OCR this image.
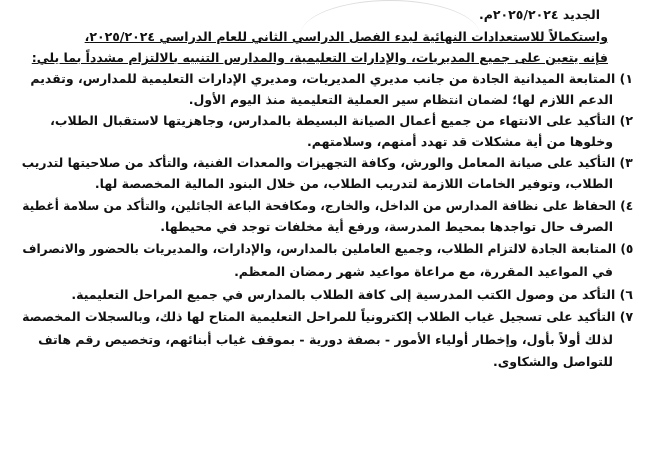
الجديد ٢٠٢٥/٢٠٢٤م.
واستكمالاً للاستعدادات النهائية لبدء الفصل الدراسي الثاني للعام الدراسي ٢٠٢٥/٢٠٢٤،
فإنه يتعين على جميع المديريات، والإدارات التعليمية، والمدارس التنبيه بالالتزام مشدداً بما يلي:
١) المتابعة الميدانية الجادة من جانب مديري المديريات، ومديري الإدارات التعليمية للمدارس، وتقديم
الدعم اللازم لها؛ لضمان انتظام سير العملية التعليمية منذ اليوم الأول.
٢) التأكيد على الانتهاء من جميع أعمال الصيانة البسيطة بالمدارس، وجاهزيتها لاستقبال الطلاب،
وخلوها من أية مشكلات قد تهدد أمنهم، وسلامتهم.
٣) التأكيد على صيانة المعامل والورش، وكافة التجهيزات والمعدات الفنية، والتأكد من صلاحيتها لتدريب
الطلاب، وتوفير الخامات اللازمة لتدريب الطلاب، من خلال البنود المالية المخصصة لها.
٤) الحفاظ على نظافة المدارس من الداخل، والخارج، ومكافحة الباعة الجائلين، والتأكد من سلامة أغطية
الصرف حال تواجدها بمحيط المدرسة، ورفع أية مخلفات توجد في محيطها.
٥) المتابعة الجادة لالتزام الطلاب، وجميع العاملين بالمدارس، والإدارات، والمديريات بالحضور والانصراف
في المواعيد المقررة، مع مراعاة مواعيد شهر رمضان المعظم.
٦) التأكد من وصول الكتب المدرسية إلى كافة الطلاب بالمدارس في جميع المراحل التعليمية.
٧) التأكيد على تسجيل غياب الطلاب إلكترونياً للمراحل التعليمية المتاح لها ذلك، وبالسجلات المخصصة
لذلك أولاً بأول، وإخطار أولياء الأمور - بصفة دورية - بموقف غياب أبنائهم، وتخصيص رقم هاتف
للتواصل والشكاوى.
